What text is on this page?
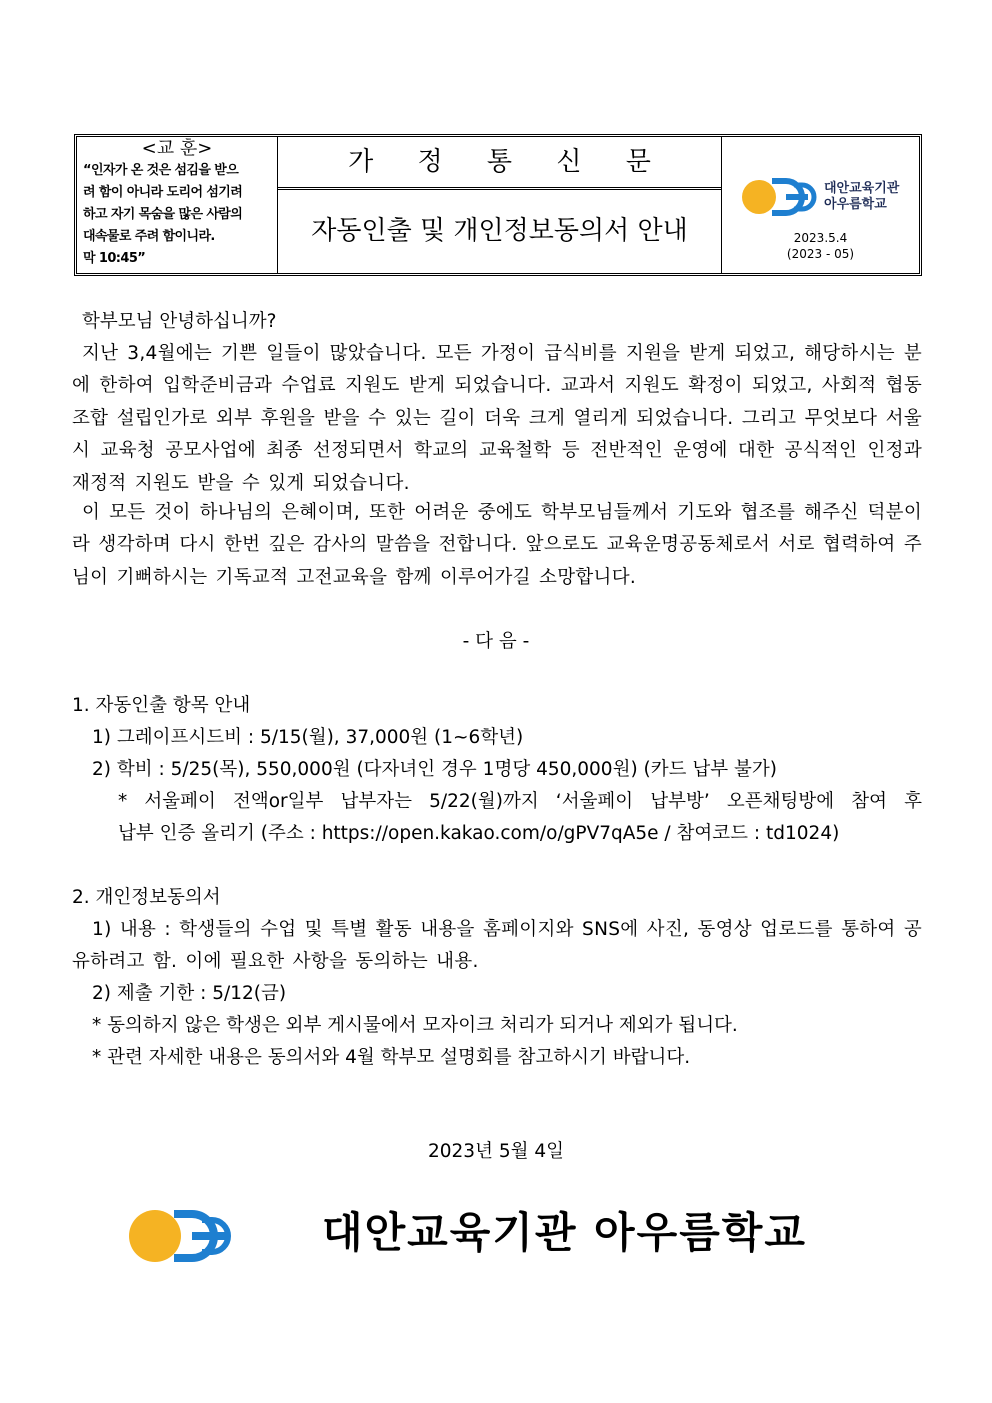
<교 훈>
“인자가 온 것은 섬김을 받으
려 함이 아니라 도리어 섬기려
하고 자기 목숨을 많은 사람의
대속물로 주려 함이니라.
막 10:45”
가 정 통 신 문
자동인출 및 개인정보동의서 안내
대안교육기관
아우름학교
2023.5.4
(2023 - 05)
학부모님 안녕하십니까?
지난 3,4월에는 기쁜 일들이 많았습니다. 모든 가정이 급식비를 지원을 받게 되었고, 해당하시는 분에 한하여 입학준비금과 수업료 지원도 받게 되었습니다. 교과서 지원도 확정이 되었고, 사회적 협동조합 설립인가로 외부 후원을 받을 수 있는 길이 더욱 크게 열리게 되었습니다. 그리고 무엇보다 서울시 교육청 공모사업에 최종 선정되면서 학교의 교육철학 등 전반적인 운영에 대한 공식적인 인정과 재정적 지원도 받을 수 있게 되었습니다.
이 모든 것이 하나님의 은혜이며, 또한 어려운 중에도 학부모님들께서 기도와 협조를 해주신 덕분이라 생각하며 다시 한번 깊은 감사의 말씀을 전합니다. 앞으로도 교육운명공동체로서 서로 협력하여 주님이 기뻐하시는 기독교적 고전교육을 함께 이루어가길 소망합니다.
- 다 음 -
1. 자동인출 항목 안내
1) 그레이프시드비 : 5/15(월), 37,000원 (1~6학년)
2) 학비 : 5/25(목), 550,000원 (다자녀인 경우 1명당 450,000원) (카드 납부 불가)
* 서울페이 전액or일부 납부자는 5/22(월)까지 ‘서울페이 납부방’ 오픈채팅방에 참여 후
납부 인증 올리기 (주소 : https://open.kakao.com/o/gPV7qA5e / 참여코드 : td1024)
2. 개인정보동의서
1) 내용 : 학생들의 수업 및 특별 활동 내용을 홈페이지와 SNS에 사진, 동영상 업로드를 통하여 공유하려고 함. 이에 필요한 사항을 동의하는 내용.
2) 제출 기한 : 5/12(금)
* 동의하지 않은 학생은 외부 게시물에서 모자이크 처리가 되거나 제외가 됩니다.
* 관련 자세한 내용은 동의서와 4월 학부모 설명회를 참고하시기 바랍니다.
2023년 5월 4일
대안교육기관 아우름학교
